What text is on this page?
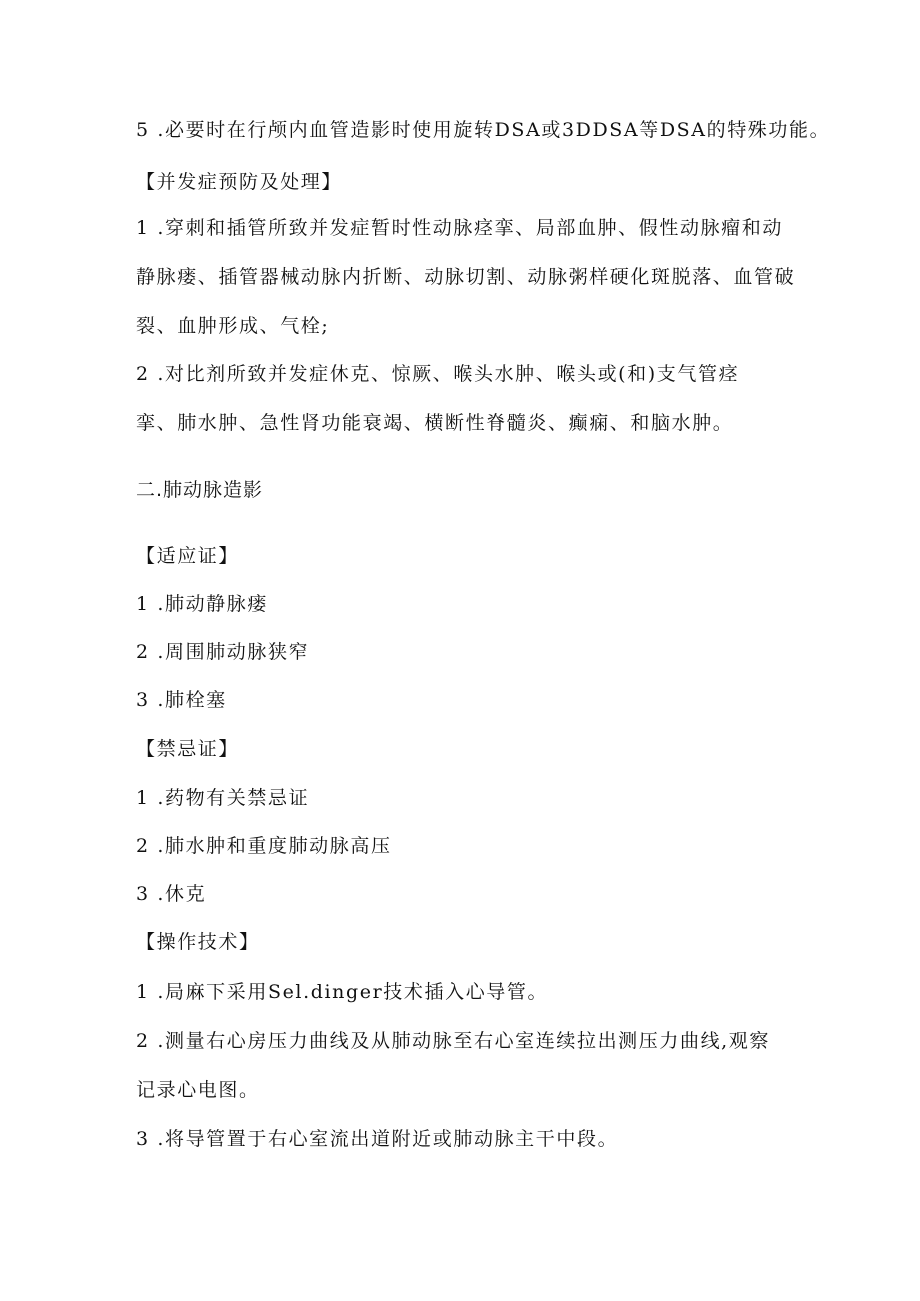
5 .必要时在行颅内血管造影时使用旋转DSA或3DDSA等DSA的特殊功能。
【并发症预防及处理】
1 .穿刺和插管所致并发症暂时性动脉痉挛、局部血肿、假性动脉瘤和动
静脉瘘、插管器械动脉内折断、动脉切割、动脉粥样硬化斑脱落、血管破
裂、血肿形成、气栓;
2 .对比剂所致并发症休克、惊厥、喉头水肿、喉头或(和)支气管痉
挛、肺水肿、急性肾功能衰竭、横断性脊髓炎、癫痫、和脑水肿。
二.肺动脉造影
【适应证】
1 .肺动静脉瘘
2 .周围肺动脉狭窄
3 .肺栓塞
【禁忌证】
1 .药物有关禁忌证
2 .肺水肿和重度肺动脉高压
3 .休克
【操作技术】
1 .局麻下采用Sel.dinger技术插入心导管。
2 .测量右心房压力曲线及从肺动脉至右心室连续拉出测压力曲线,观察
记录心电图。
3 .将导管置于右心室流出道附近或肺动脉主干中段。
